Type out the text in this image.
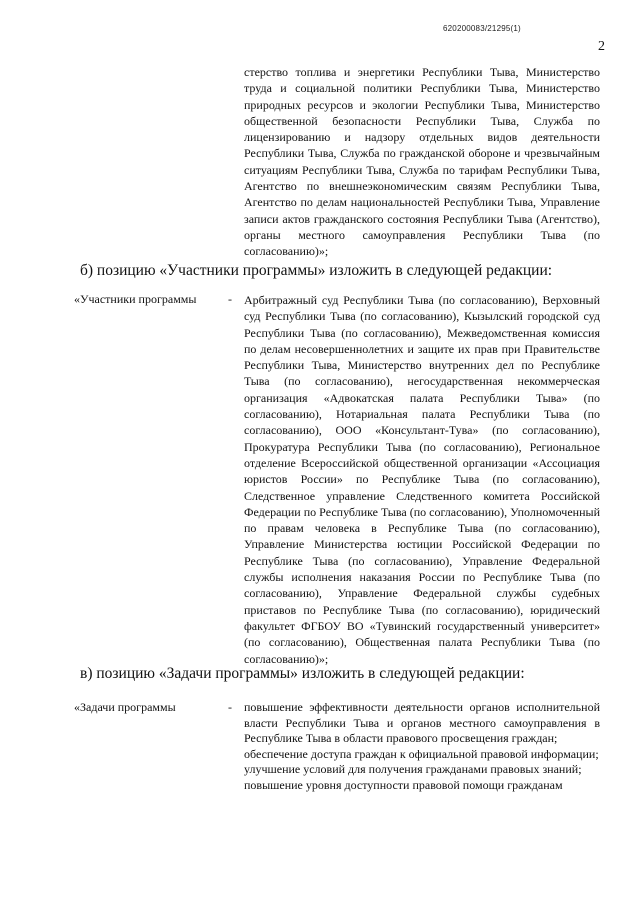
620200083/21295(1)
2

стерство топлива и энергетики Республики Тыва, Министерство труда и социальной политики Республики Тыва, Министерство природных ресурсов и экологии Республики Тыва, Министерство общественной безопасности Республики Тыва, Служба по лицензированию и надзору отдельных видов деятельности Республики Тыва, Служба по гражданской обороне и чрезвычайным ситуациям Республики Тыва, Служба по тарифам Республики Тыва, Агентство по внешнеэкономическим связям Республики Тыва, Агентство по делам национальностей Республики Тыва, Управление записи актов гражданского состояния Республики Тыва (Агентство), органы местного самоуправления Республики Тыва (по согласованию)»;

б) позицию «Участники программы» изложить в следующей редакции:

«Участники программы	- Арбитражный суд Республики Тыва (по согласованию), Верховный суд Республики Тыва (по согласованию), Кызылский городской суд Республики Тыва (по согласованию), Межведомственная комиссия по делам несовершеннолетних и защите их прав при Правительстве Республики Тыва, Министерство внутренних дел по Республике Тыва (по согласованию), негосударственная некоммерческая организация «Адвокатская палата Республики Тыва» (по согласованию), Нотариальная палата Республики Тыва (по согласованию), ООО «Консультант-Тува» (по согласованию), Прокуратура Республики Тыва (по согласованию), Региональное отделение Всероссийской общественной организации «Ассоциация юристов России» по Республике Тыва (по согласованию), Следственное управление Следственного комитета Российской Федерации по Республике Тыва (по согласованию), Уполномоченный по правам человека в Республике Тыва (по согласованию), Управление Министерства юстиции Российской Федерации по Республике Тыва (по согласованию), Управление Федеральной службы исполнения наказания России по Республике Тыва (по согласованию), Управление Федеральной службы судебных приставов по Республике Тыва (по согласованию), юридический факультет ФГБОУ ВО «Тувинский государственный университет» (по согласованию), Общественная палата Республики Тыва (по согласованию)»;

в) позицию «Задачи программы» изложить в следующей редакции:

«Задачи программы	- повышение эффективности деятельности органов исполнительной власти Республики Тыва и органов местного самоуправления в Республике Тыва в области правового просвещения граждан;

обеспечение доступа граждан к официальной правовой информации;

улучшение условий для получения гражданами правовых знаний;

повышение уровня доступности правовой помощи гражданам
